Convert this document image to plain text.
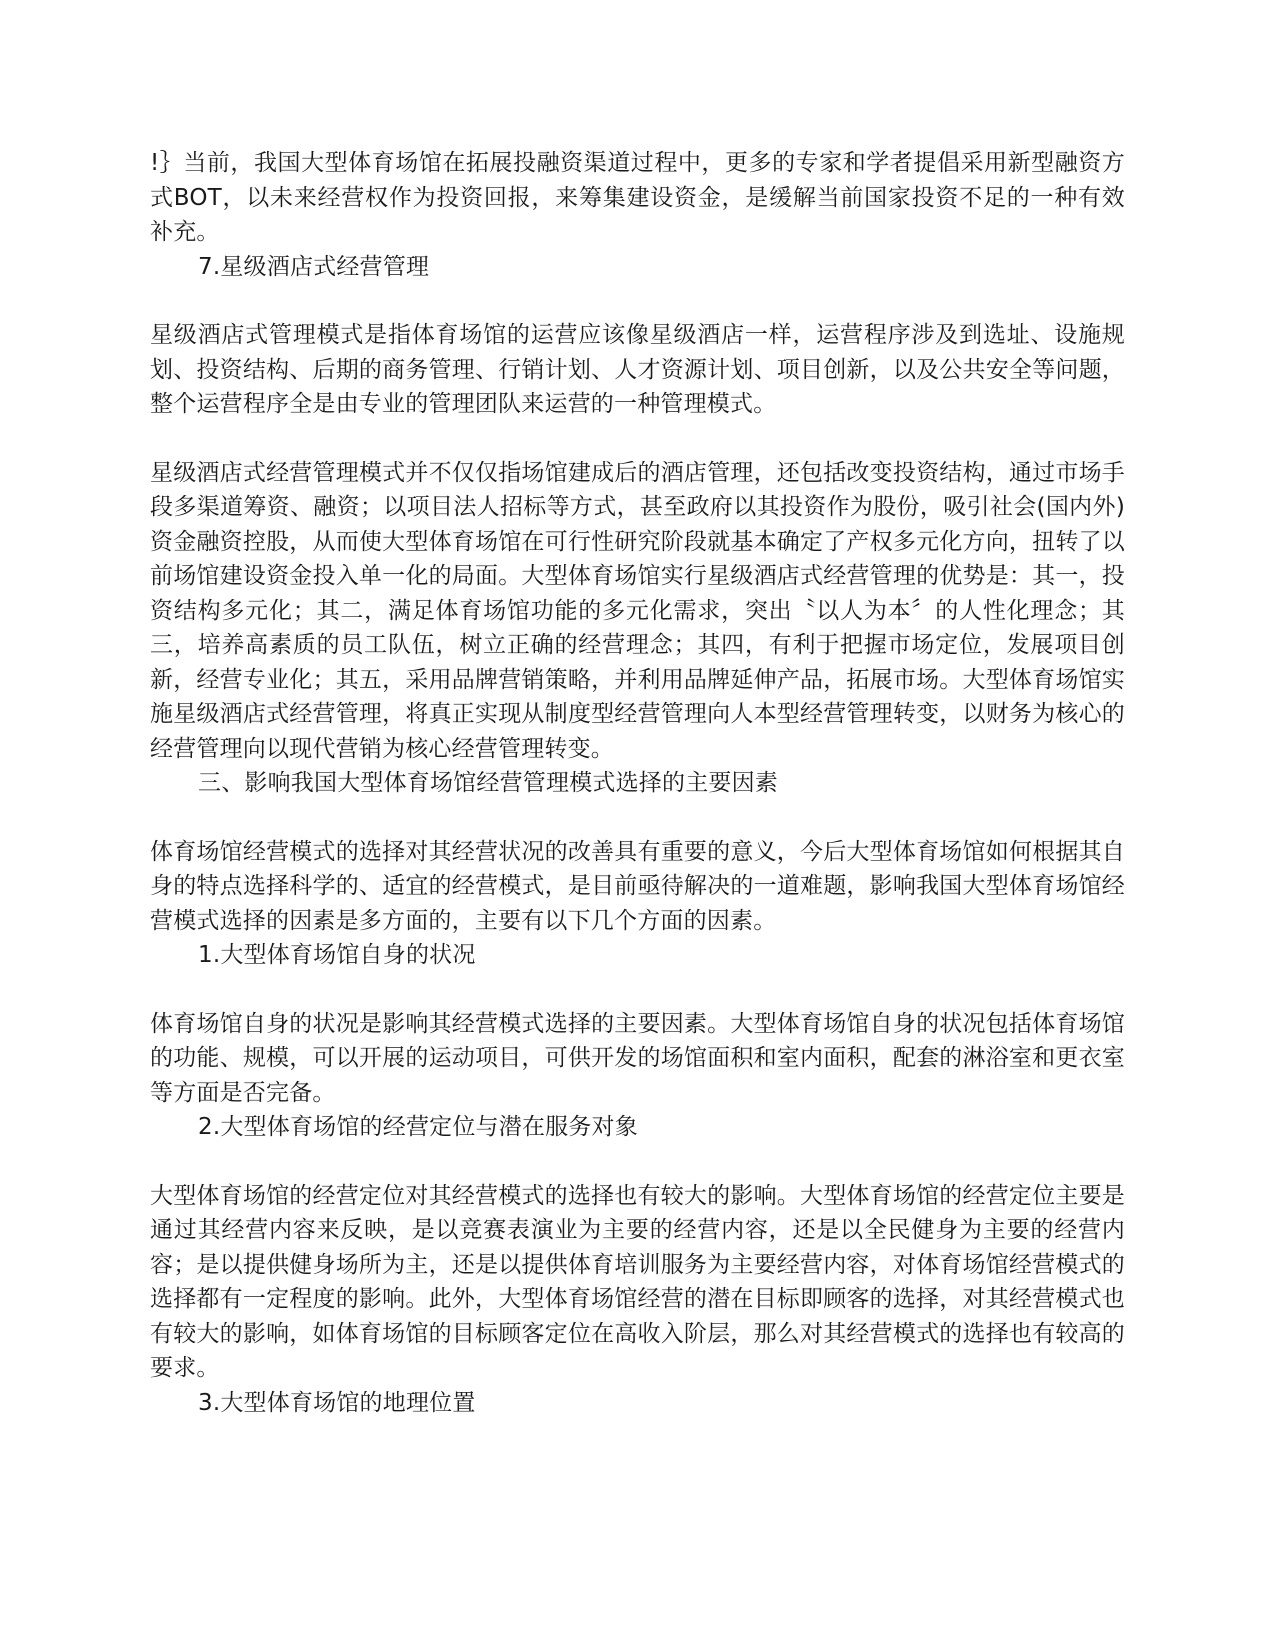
!｝当前，我国大型体育场馆在拓展投融资渠道过程中，更多的专家和学者提倡采用新型融资方式BOT，以未来经营权作为投资回报，来筹集建设资金，是缓解当前国家投资不足的一种有效补充。

7.星级酒店式经营管理

星级酒店式管理模式是指体育场馆的运营应该像星级酒店一样，运营程序涉及到选址、设施规划、投资结构、后期的商务管理、行销计划、人才资源计划、项目创新，以及公共安全等问题，整个运营程序全是由专业的管理团队来运营的一种管理模式。

星级酒店式经营管理模式并不仅仅指场馆建成后的酒店管理，还包括改变投资结构，通过市场手段多渠道筹资、融资；以项目法人招标等方式，甚至政府以其投资作为股份，吸引社会(国内外)资金融资控股，从而使大型体育场馆在可行性研究阶段就基本确定了产权多元化方向，扭转了以前场馆建设资金投入单一化的局面。大型体育场馆实行星级酒店式经营管理的优势是：其一，投资结构多元化；其二，满足体育场馆功能的多元化需求，突出〝以人为本〞的人性化理念；其三，培养高素质的员工队伍，树立正确的经营理念；其四，有利于把握市场定位，发展项目创新，经营专业化；其五，采用品牌营销策略，并利用品牌延伸产品，拓展市场。大型体育场馆实施星级酒店式经营管理，将真正实现从制度型经营管理向人本型经营管理转变，以财务为核心的经营管理向以现代营销为核心经营管理转变。

三、影响我国大型体育场馆经营管理模式选择的主要因素

体育场馆经营模式的选择对其经营状况的改善具有重要的意义，今后大型体育场馆如何根据其自身的特点选择科学的、适宜的经营模式，是目前亟待解决的一道难题，影响我国大型体育场馆经营模式选择的因素是多方面的，主要有以下几个方面的因素。

1.大型体育场馆自身的状况

体育场馆自身的状况是影响其经营模式选择的主要因素。大型体育场馆自身的状况包括体育场馆的功能、规模，可以开展的运动项目，可供开发的场馆面积和室内面积，配套的淋浴室和更衣室等方面是否完备。

2.大型体育场馆的经营定位与潜在服务对象

大型体育场馆的经营定位对其经营模式的选择也有较大的影响。大型体育场馆的经营定位主要是通过其经营内容来反映，是以竞赛表演业为主要的经营内容，还是以全民健身为主要的经营内容；是以提供健身场所为主，还是以提供体育培训服务为主要经营内容，对体育场馆经营模式的选择都有一定程度的影响。此外，大型体育场馆经营的潜在目标即顾客的选择，对其经营模式也有较大的影响，如体育场馆的目标顾客定位在高收入阶层，那么对其经营模式的选择也有较高的要求。

3.大型体育场馆的地理位置
